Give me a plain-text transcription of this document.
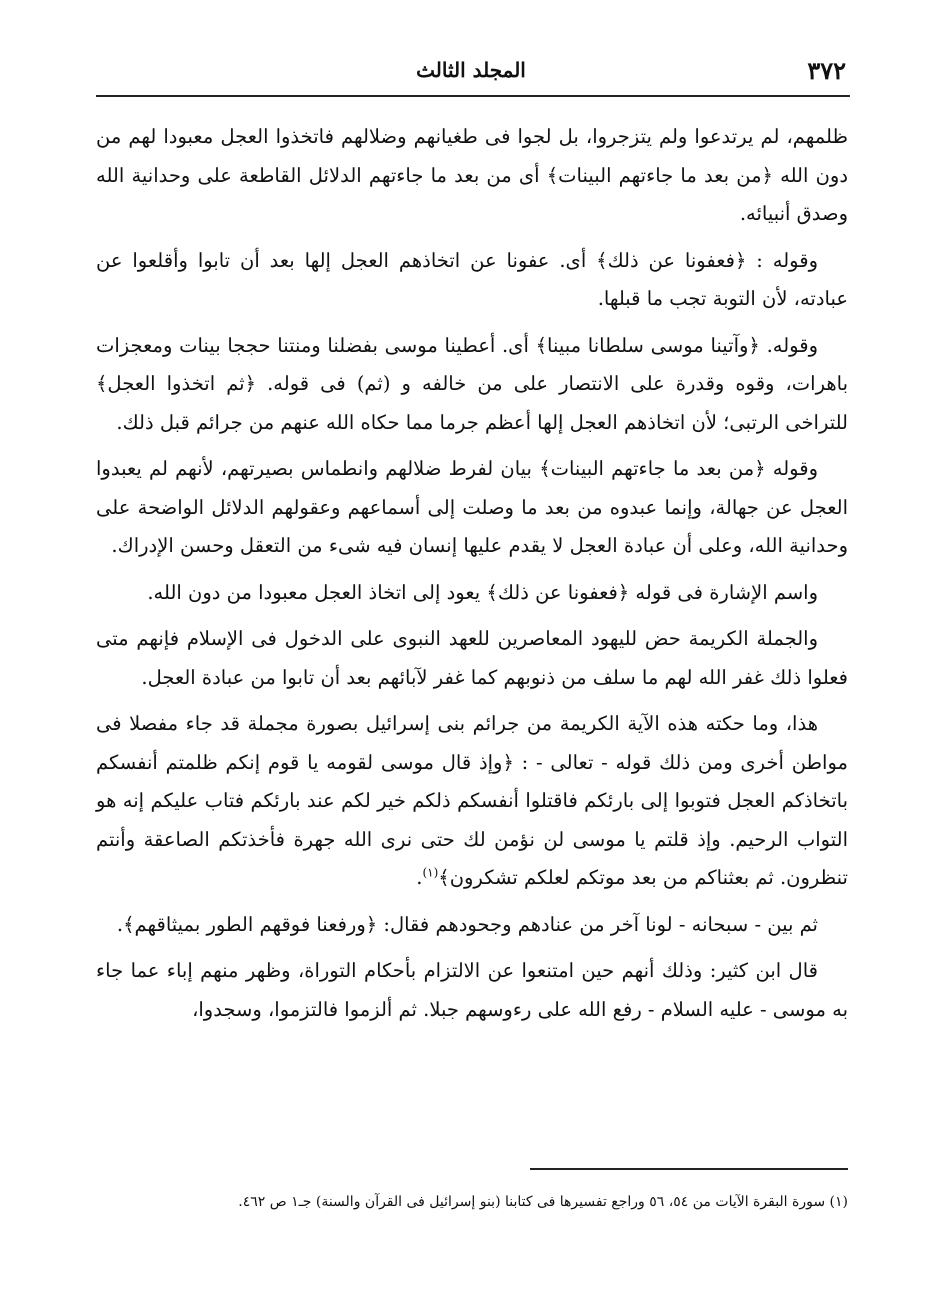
٣٧٢
المجلد الثالث

ظلمهم، لم يرتدعوا ولم يتزجروا، بل لجوا فى طغيانهم وضلالهم فاتخذوا العجل معبودا لهم من دون الله ﴿من بعد ما جاءتهم البينات﴾ أى من بعد ما جاءتهم الدلائل القاطعة على وحدانية الله وصدق أنبيائه.

وقوله : ﴿فعفونا عن ذلك﴾ أى. عفونا عن اتخاذهم العجل إلها بعد أن تابوا وأقلعوا عن عبادته، لأن التوبة تجب ما قبلها.

وقوله. ﴿وآتينا موسى سلطانا مبينا﴾ أى. أعطينا موسى بفضلنا ومنتنا حججا بينات ومعجزات باهرات، وقوه وقدرة على الانتصار على من خالفه و (ثم) فى قوله. ﴿ثم اتخذوا العجل﴾ للتراخى الرتبى؛ لأن اتخاذهم العجل إلها أعظم جرما مما حكاه الله عنهم من جرائم قبل ذلك.

وقوله ﴿من بعد ما جاءتهم البينات﴾ بيان لفرط ضلالهم وانطماس بصيرتهم، لأنهم لم يعبدوا العجل عن جهالة، وإنما عبدوه من بعد ما وصلت إلى أسماعهم وعقولهم الدلائل الواضحة على وحدانية الله، وعلى أن عبادة العجل لا يقدم عليها إنسان فيه شىء من التعقل وحسن الإدراك.

واسم الإشارة فى قوله ﴿فعفونا عن ذلك﴾ يعود إلى اتخاذ العجل معبودا من دون الله.

والجملة الكريمة حض لليهود المعاصرين للعهد النبوى على الدخول فى الإسلام فإنهم متى فعلوا ذلك غفر الله لهم ما سلف من ذنوبهم كما غفر لآبائهم بعد أن تابوا من عبادة العجل.

هذا، وما حكته هذه الآية الكريمة من جرائم بنى إسرائيل بصورة مجملة قد جاء مفصلا فى مواطن أخرى ومن ذلك قوله - تعالى - : ﴿وإذ قال موسى لقومه يا قوم إنكم ظلمتم أنفسكم باتخاذكم العجل فتوبوا إلى بارئكم فاقتلوا أنفسكم ذلكم خير لكم عند بارئكم فتاب عليكم إنه هو التواب الرحيم. وإذ قلتم يا موسى لن نؤمن لك حتى نرى الله جهرة فأخذتكم الصاعقة وأنتم تنظرون. ثم بعثناكم من بعد موتكم لعلكم تشكرون﴾$^{(١)}$.

ثم بين - سبحانه - لونا آخر من عنادهم وجحودهم فقال: ﴿ورفعنا فوقهم الطور بميثاقهم﴾.

قال ابن كثير: وذلك أنهم حين امتنعوا عن الالتزام بأحكام التوراة، وظهر منهم إباء عما جاء به موسى - عليه السلام - رفع الله على رءوسهم جبلا. ثم ألزموا فالتزموا، وسجدوا،

(١) سورة البقرة الآيات من ٥٤، ٥٦ وراجع تفسيرها فى كتابنا (بنو إسرائيل فى القرآن والسنة) جـ١ ص ٤٦٢.
